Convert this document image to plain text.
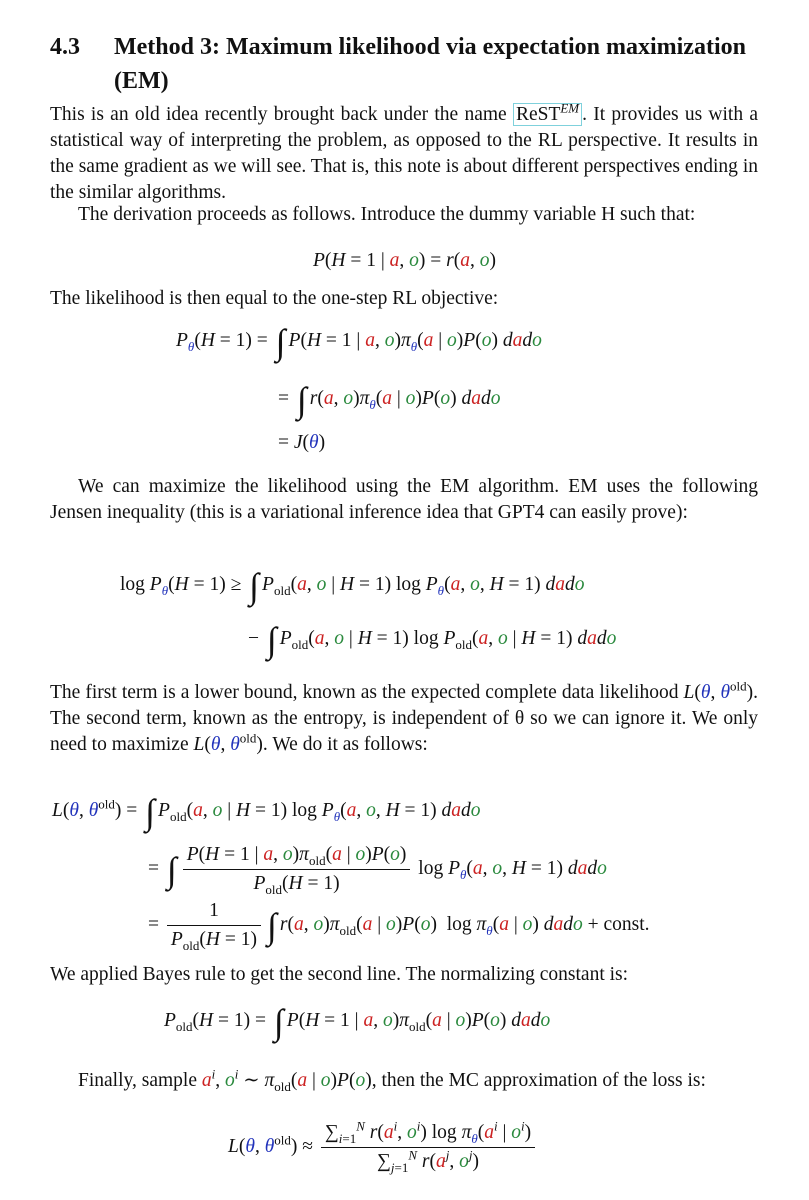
4.3 Method 3: Maximum likelihood via expectation maximization (EM)
This is an old idea recently brought back under the name ReST$^{EM}$ . It provides us with a statistical way of interpreting the problem, as opposed to the RL perspective. It results in the same gradient as we will see. That is, this note is about different perspectives ending in the similar algorithms.
The derivation proceeds as follows. Introduce the dummy variable H such that:
P(H = 1 | a, o) = r(a, o)
The likelihood is then equal to the one-step RL objective:
$P_\theta(H = 1)$ = ∫ P(H = 1 | a, $o)\pi_\theta(a$ | o)P(o) dado
= ∫ r(a, $o)\pi_\theta(a$ | o)P(o) dado
= J(θ)
We can maximize the likelihood using the EM algorithm. EM uses the following Jensen inequality (this is a variational inference idea that GPT4 can easily prove):
$\log P_\theta(H = 1)$ ≥ ∫ $P_{old}(a$, o | H = 1) $\log P_\theta(a$, o, H = 1) dado
− ∫ $P_{old}(a$, o | H = 1) $\log P_{old}(a$, o | H = 1) dado
The first term is a lower bound, known as the expected complete data likelihood L(θ, $\theta^{old}$). The second term, known as the entropy, is independent of θ so we can ignore it. We only need to maximize L(θ, $\theta^{old}$). We do it as follows:
L(θ, $\theta^{old}$) = ∫ $P_{old}(a$, o | H = 1) $\log P_\theta(a$, o, H = 1) dado
= ∫ $\frac{P(H = 1 | a, o)\pi_{old}(a | o)P(o)}{P_{old}(H = 1)}$ $\log P_\theta(a$, o, H = 1) dado
= $\frac{1}{P_{old}(H = 1)}$ ∫ r(a, $o)\pi_{old}(a$ | o)P(o)  $\log \pi_\theta(a$ | o) dado + const.
We applied Bayes rule to get the second line. The normalizing constant is:
$P_{old}(H = 1)$ = ∫ P(H = 1 | a, $o)\pi_{old}(a$ | o)P(o) dado
Finally, sample $a^i$, $o^i$ ∼ $\pi_{old}(a$ | o)P(o), then the MC approximation of the loss is:
L(θ, $\theta^{old}) \approx \frac{\sum_{i=1}^N r(a^i, o^i) \log \pi_\theta(a^i | o^i)}{\sum_{j=1}^N r(a^j, o^j)}$
